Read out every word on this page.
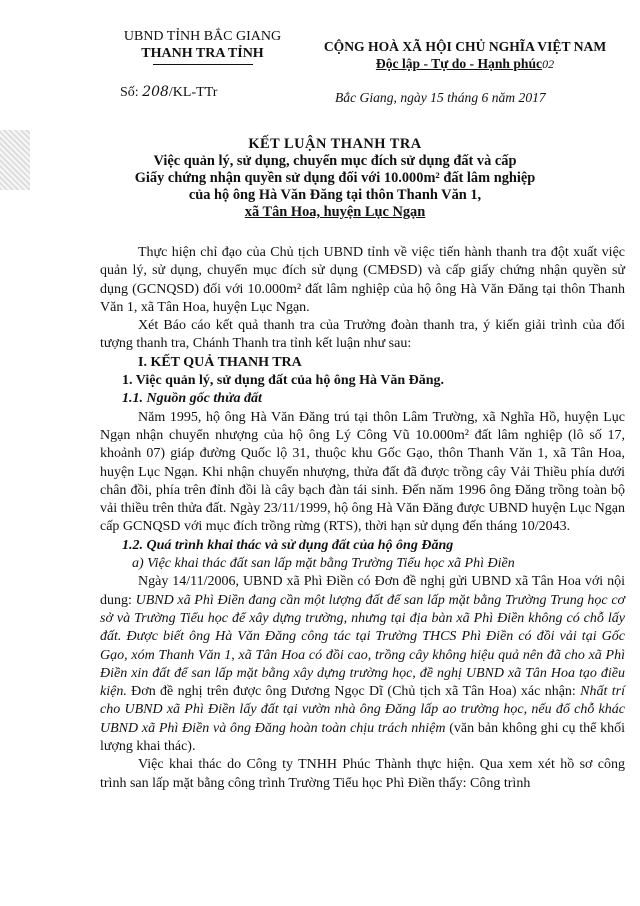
UBND TỈNH BẮC GIANG
THANH TRA TỈNH	CỘNG HOÀ XÃ HỘI CHỦ NGHĨA VIỆT NAM
Độc lập - Tự do - Hạnh phúc02
Số: 208/KL-TTr	Bắc Giang, ngày 15 tháng 6 năm 2017
KẾT LUẬN THANH TRA
Việc quản lý, sử dụng, chuyển mục đích sử dụng đất và cấp
Giấy chứng nhận quyền sử dụng đối với 10.000m² đất lâm nghiệp
của hộ ông Hà Văn Đăng tại thôn Thanh Văn 1,
xã Tân Hoa, huyện Lục Ngạn

Thực hiện chỉ đạo của Chủ tịch UBND tỉnh về việc tiến hành thanh tra đột xuất việc quản lý, sử dụng, chuyển mục đích sử dụng (CMĐSD) và cấp giấy chứng nhận quyền sử dụng (GCNQSD) đối với 10.000m² đất lâm nghiệp của hộ ông Hà Văn Đăng tại thôn Thanh Văn 1, xã Tân Hoa, huyện Lục Ngạn.

Xét Báo cáo kết quả thanh tra của Trưởng đoàn thanh tra, ý kiến giải trình của đối tượng thanh tra, Chánh Thanh tra tỉnh kết luận như sau:

I. KẾT QUẢ THANH TRA

1. Việc quản lý, sử dụng đất của hộ ông Hà Văn Đăng.

1.1. Nguồn gốc thửa đất

Năm 1995, hộ ông Hà Văn Đăng trú tại thôn Lâm Trường, xã Nghĩa Hồ, huyện Lục Ngạn nhận chuyển nhượng của hộ ông Lý Công Vũ 10.000m² đất lâm nghiệp (lô số 17, khoảnh 07) giáp đường Quốc lộ 31, thuộc khu Gốc Gạo, thôn Thanh Văn 1, xã Tân Hoa, huyện Lục Ngạn. Khi nhận chuyển nhượng, thửa đất đã được trồng cây Vải Thiều phía dưới chân đồi, phía trên đỉnh đồi là cây bạch đàn tái sinh. Đến năm 1996 ông Đăng trồng toàn bộ vải thiều trên thửa đất. Ngày 23/11/1999, hộ ông Hà Văn Đăng được UBND huyện Lục Ngạn cấp GCNQSD với mục đích trồng rừng (RTS), thời hạn sử dụng đến tháng 10/2043.

1.2. Quá trình khai thác và sử dụng đất của hộ ông Đăng

a) Việc khai thác đất san lấp mặt bằng Trường Tiểu học xã Phì Điền

Ngày 14/11/2006, UBND xã Phì Điền có Đơn đề nghị gửi UBND xã Tân Hoa với nội dung: UBND xã Phì Điền đang cần một lượng đất để san lấp mặt bằng Trường Trung học cơ sở và Trường Tiểu học để xây dựng trường, nhưng tại địa bàn xã Phì Điền không có chỗ lấy đất. Được biết ông Hà Văn Đăng công tác tại Trường THCS Phì Điền có đồi vải tại Gốc Gạo, xóm Thanh Văn 1, xã Tân Hoa có đồi cao, trồng cây không hiệu quả nên đã cho xã Phì Điền xin đất để san lấp mặt bằng xây dựng trường học, đề nghị UBND xã Tân Hoa tạo điều kiện. Đơn đề nghị trên được ông Dương Ngọc Dĩ (Chủ tịch xã Tân Hoa) xác nhận: Nhất trí cho UBND xã Phì Điền lấy đất tại vườn nhà ông Đăng lấp ao trường học, nếu đổ chỗ khác UBND xã Phì Điền và ông Đăng hoàn toàn chịu trách nhiệm (văn bản không ghi cụ thể khối lượng khai thác).

Việc khai thác do Công ty TNHH Phúc Thành thực hiện. Qua xem xét hồ sơ công trình san lấp mặt bằng công trình Trường Tiểu học Phì Điền thấy: Công trình
